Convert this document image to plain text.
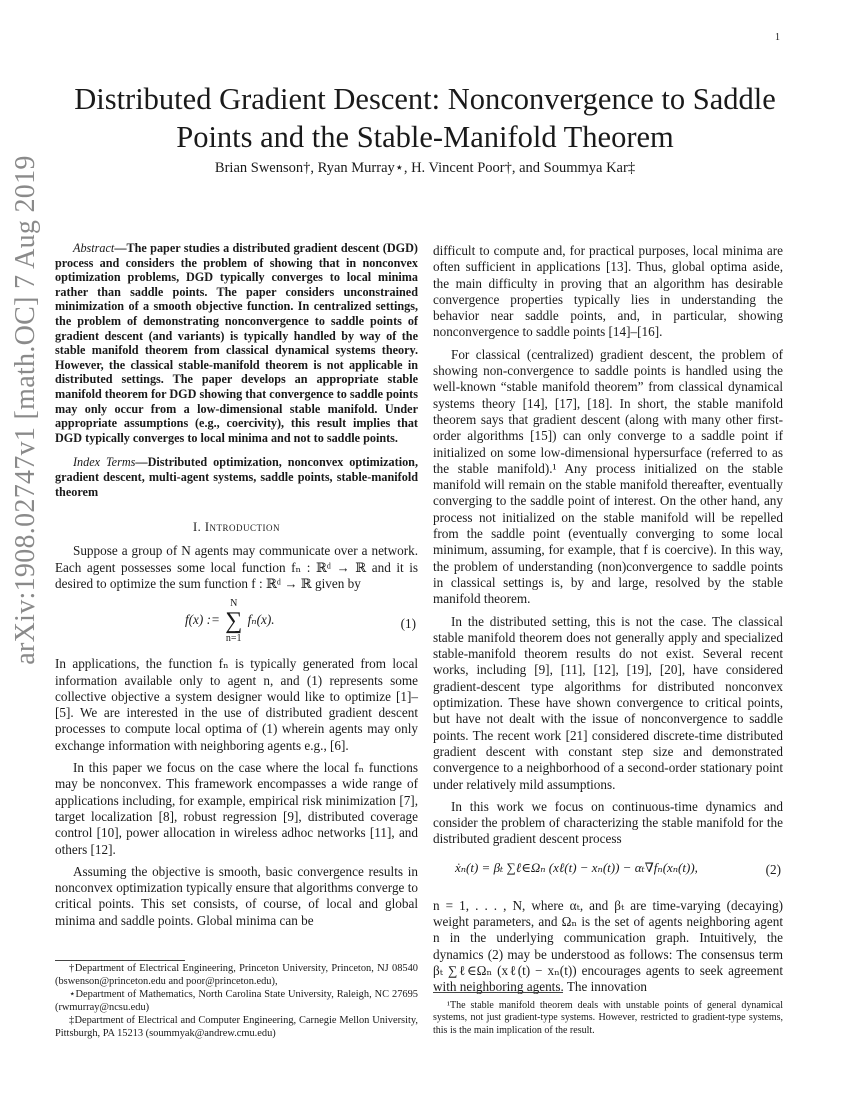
1
Distributed Gradient Descent: Nonconvergence to Saddle Points and the Stable-Manifold Theorem
Brian Swenson†, Ryan Murray⋆, H. Vincent Poor†, and Soummya Kar‡
arXiv:1908.02747v1 [math.OC] 7 Aug 2019	Abstract—The paper studies a distributed gradient descent (DGD) process and considers the problem of showing that in nonconvex optimization problems, DGD typically converges to local minima rather than saddle points. The paper considers unconstrained minimization of a smooth objective function. In centralized settings, the problem of demonstrating nonconvergence to saddle points of gradient descent (and variants) is typically handled by way of the stable manifold theorem from classical dynamical systems theory. However, the classical stable-manifold theorem is not applicable in distributed settings. The paper develops an appropriate stable manifold theorem for DGD showing that convergence to saddle points may only occur from a low-dimensional stable manifold. Under appropriate assumptions (e.g., coercivity), this result implies that DGD typically converges to local minima and not to saddle points.

Index Terms—Distributed optimization, nonconvex optimization, gradient descent, multi-agent systems, saddle points, stable-manifold theorem

I. Introduction

Suppose a group of N agents may communicate over a network. Each agent possesses some local function fₙ : ℝᵈ → ℝ and it is desired to optimize the sum function f : ℝᵈ → ℝ given by

f(x) := N
∑
n=1 fₙ(x).	(1)

In applications, the function fₙ is typically generated from local information available only to agent n, and (1) represents some collective objective a system designer would like to optimize [1]–[5]. We are interested in the use of distributed gradient descent processes to compute local optima of (1) wherein agents may only exchange information with neighboring agents e.g., [6].

In this paper we focus on the case where the local fₙ functions may be nonconvex. This framework encompasses a wide range of applications including, for example, empirical risk minimization [7], target localization [8], robust regression [9], distributed coverage control [10], power allocation in wireless adhoc networks [11], and others [12].

Assuming the objective is smooth, basic convergence results in nonconvex optimization typically ensure that algorithms converge to critical points. This set consists, of course, of local and global minima and saddle points. Global minima can be

†Department of Electrical Engineering, Princeton University, Princeton, NJ 08540 (bswenson@princeton.edu and poor@princeton.edu),

⋆Department of Mathematics, North Carolina State University, Raleigh, NC 27695 (rwmurray@ncsu.edu)

‡Department of Electrical and Computer Engineering, Carnegie Mellon University, Pittsburgh, PA 15213 (soummyak@andrew.cmu.edu)

difficult to compute and, for practical purposes, local minima are often sufficient in applications [13]. Thus, global optima aside, the main difficulty in proving that an algorithm has desirable convergence properties typically lies in understanding the behavior near saddle points, and, in particular, showing nonconvergence to saddle points [14]–[16].

For classical (centralized) gradient descent, the problem of showing non-convergence to saddle points is handled using the well-known “stable manifold theorem” from classical dynamical systems theory [14], [17], [18]. In short, the stable manifold theorem says that gradient descent (along with many other first-order algorithms [15]) can only converge to a saddle point if initialized on some low-dimensional hypersurface (referred to as the stable manifold).¹ Any process initialized on the stable manifold will remain on the stable manifold thereafter, eventually converging to the saddle point of interest. On the other hand, any process not initialized on the stable manifold will be repelled from the saddle point (eventually converging to some local minimum, assuming, for example, that f is coercive). In this way, the problem of understanding (non)convergence to saddle points in classical settings is, by and large, resolved by the stable manifold theorem.

In the distributed setting, this is not the case. The classical stable manifold theorem does not generally apply and specialized stable-manifold theorem results do not exist. Several recent works, including [9], [11], [12], [19], [20], have considered gradient-descent type algorithms for distributed nonconvex optimization. These have shown convergence to critical points, but have not dealt with the issue of nonconvergence to saddle points. The recent work [21] considered discrete-time distributed gradient descent with constant step size and demonstrated convergence to a neighborhood of a second-order stationary point under relatively mild assumptions.

In this work we focus on continuous-time dynamics and consider the problem of characterizing the stable manifold for the distributed gradient descent process

ẋₙ(t) = βₜ ∑ℓ∈Ωₙ (xℓ(t) − xₙ(t)) − αₜ∇fₙ(xₙ(t)),	(2)

n = 1, . . . , N, where αₜ, and βₜ are time-varying (decaying) weight parameters, and Ωₙ is the set of agents neighboring agent n in the underlying communication graph. Intuitively, the dynamics (2) may be understood as follows: The consensus term βₜ ∑ℓ∈Ωₙ (xℓ(t) − xₙ(t)) encourages agents to seek agreement with neighboring agents. The innovation

¹The stable manifold theorem deals with unstable points of general dynamical systems, not just gradient-type systems. However, restricted to gradient-type systems, this is the main implication of the result.
